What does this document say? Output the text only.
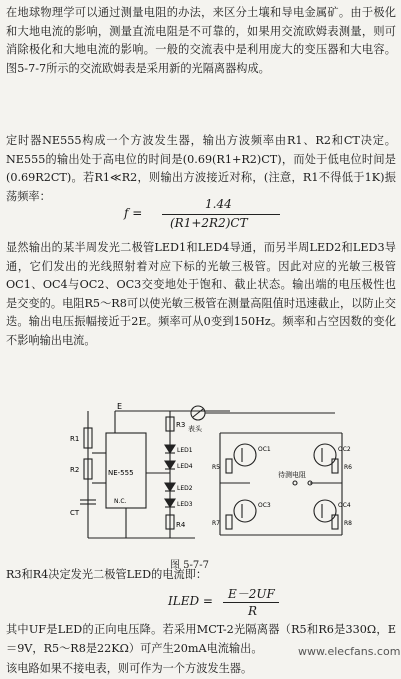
在地球物理学可以通过测量电阻的办法，来区分土壤和导电金属矿。由于极化和大地电流的影响，测量直流电阻是不可靠的，如果用交流欧姆表测量，则可消除极化和大地电流的影响。一般的交流表中是利用庞大的变压器和大电容。图5-7-7所示的交流欧姆表是采用新的光隔离器构成。
定时器NE555构成一个方波发生器，输出方波频率由R1、R2和CT决定。NE555的输出处于高电位的时间是(0.69(R1+R2)CT)，而处于低电位时间是(0.69R2CT)。若R1≪R2，则输出方波接近对称，(注意，R1不得低于1K)振荡频率：
f =
1.44
(R1+2R2)CT
显然输出的某半周发光二极管LED1和LED4导通，而另半周LED2和LED3导通，它们发出的光线照射着对应下标的光敏三极管。因此对应的光敏三极管OC1、OC4与OC2、OC3交变地处于饱和、截止状态。输出端的电压极性也是交变的。电阻R5～R8可以使光敏三极管在测量高阻值时迅速截止，以防止交迭。输出电压振幅接近于2E。频率可从0变到150Hz。频率和占空因数的变化不影响输出电流。
E
R1
R2
CT
NE-555
N.C.
R3
LED1
LED4
LED2
LED3
R4
表头
OC1	OC2
OC3	OC4
R5	R6
R7	R8
待测电阻
图 5-7-7
R3和R4决定发光二极管LED的电流即：
ILED = E－2UF
R
其中UF是LED的正向电压降。若采用MCT-2光隔离器（R5和R6是330Ω，E＝9V，R5～R8是22KΩ）可产生20mA电流输出。
该电路如果不接电表，则可作为一个方波发生器。
www.elecfans.com
